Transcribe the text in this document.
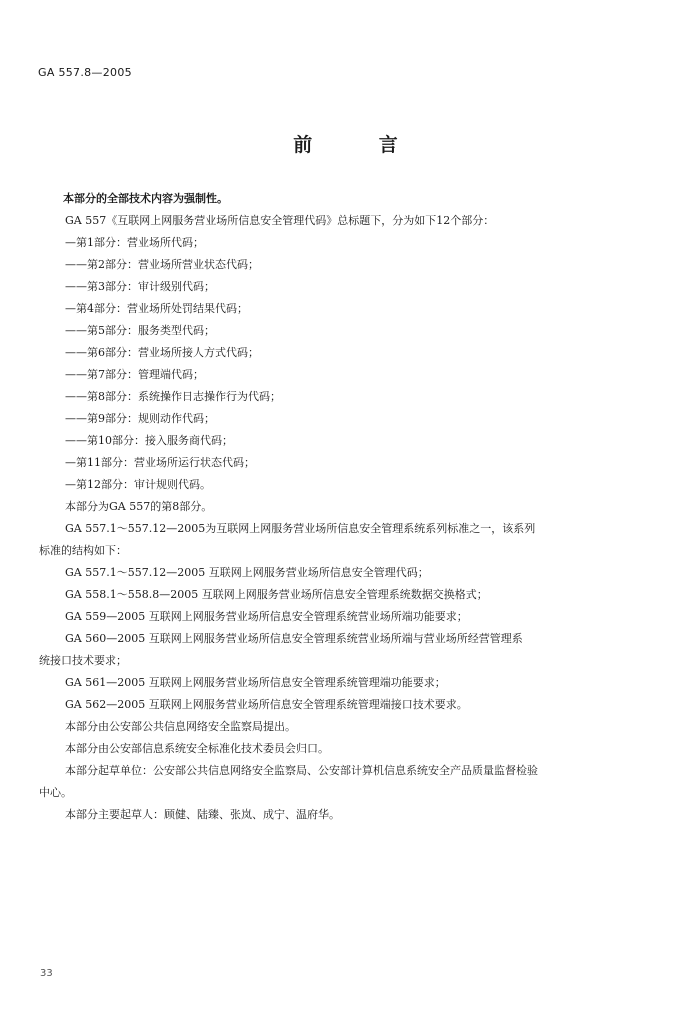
GA 557.8—2005
前 言
本部分的全部技术内容为强制性。
GA 557《互联网上网服务营业场所信息安全管理代码》总标题下，分为如下12个部分：
—第1部分：营业场所代码；
——第2部分：营业场所营业状态代码；
——第3部分：审计级别代码；
—第4部分：营业场所处罚结果代码；
——第5部分：服务类型代码；
——第6部分：营业场所接人方式代码；
——第7部分：管理端代码；
——第8部分：系统操作日志操作行为代码；
——第9部分：规则动作代码；
——第10部分：接入服务商代码；
—第11部分：营业场所运行状态代码；
—第12部分：审计规则代码。
本部分为GA 557的第8部分。
GA 557.1～557.12—2005为互联网上网服务营业场所信息安全管理系统系列标准之一，该系列
标准的结构如下：
GA 557.1～557.12—2005 互联网上网服务营业场所信息安全管理代码；
GA 558.1～558.8—2005 互联网上网服务营业场所信息安全管理系统数据交换格式；
GA 559—2005 互联网上网服务营业场所信息安全管理系统营业场所端功能要求；
GA 560—2005 互联网上网服务营业场所信息安全管理系统营业场所端与营业场所经营管理系
统接口技术要求；
GA 561—2005 互联网上网服务营业场所信息安全管理系统管理端功能要求；
GA 562—2005 互联网上网服务营业场所信息安全管理系统管理端接口技术要求。
本部分由公安部公共信息网络安全监察局提出。
本部分由公安部信息系统安全标准化技术委员会归口。
本部分起草单位：公安部公共信息网络安全监察局、公安部计算机信息系统安全产品质量监督检验
中心。
本部分主要起草人：顾健、陆臻、张岚、成宁、温府华。
33
